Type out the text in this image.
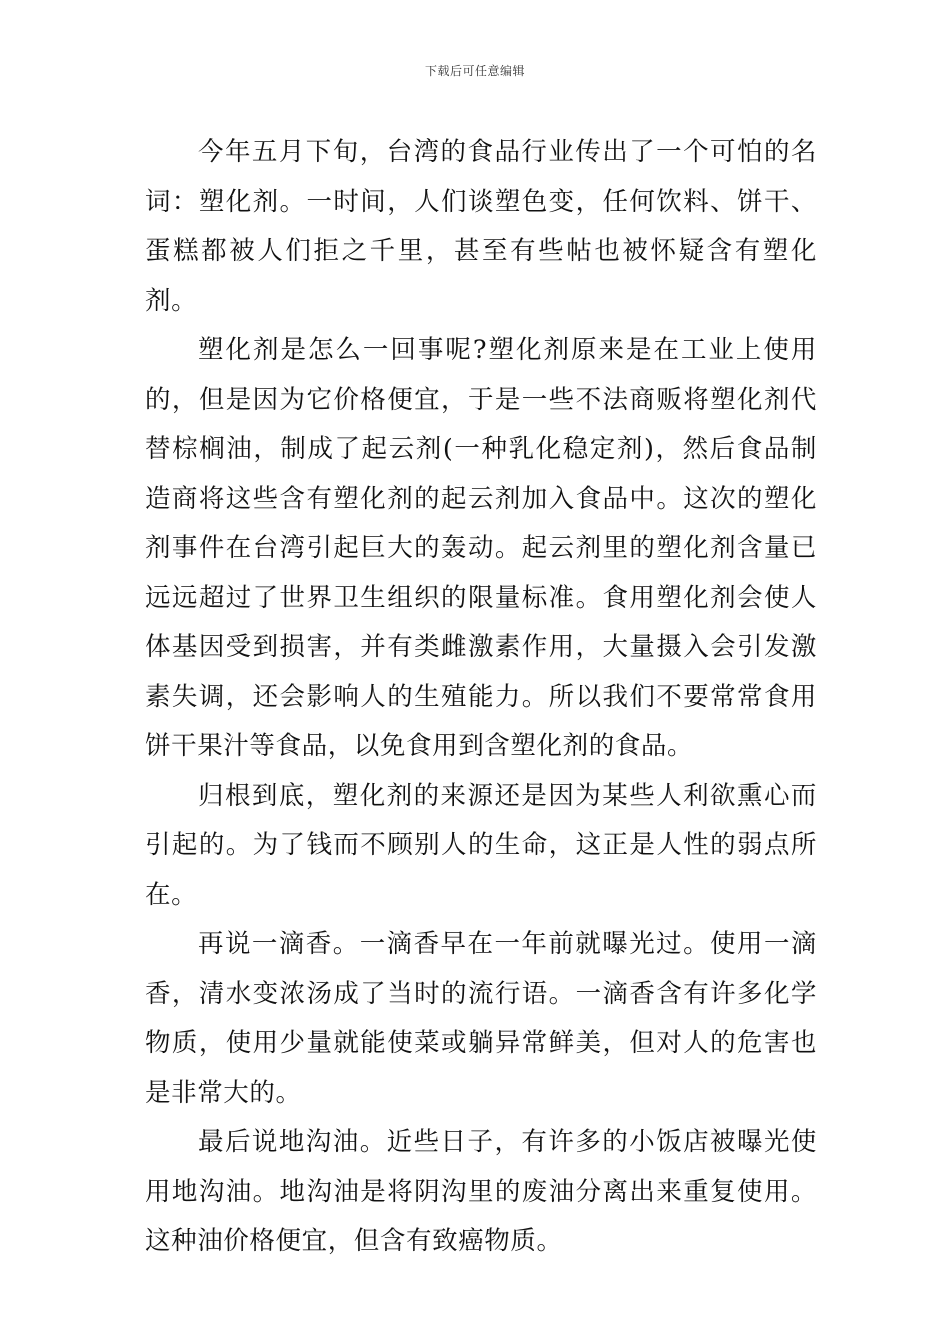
下载后可任意编辑

今年五月下旬，台湾的食品行业传出了一个可怕的名词：塑化剂。一时间，人们谈塑色变，任何饮料、饼干、蛋糕都被人们拒之千里，甚至有些帖也被怀疑含有塑化剂。

塑化剂是怎么一回事呢?塑化剂原来是在工业上使用的，但是因为它价格便宜，于是一些不法商贩将塑化剂代替棕榈油，制成了起云剂(一种乳化稳定剂)，然后食品制造商将这些含有塑化剂的起云剂加入食品中。这次的塑化剂事件在台湾引起巨大的轰动。起云剂里的塑化剂含量已远远超过了世界卫生组织的限量标准。食用塑化剂会使人体基因受到损害，并有类雌激素作用，大量摄入会引发激素失调，还会影响人的生殖能力。所以我们不要常常食用饼干果汁等食品，以免食用到含塑化剂的食品。

归根到底，塑化剂的来源还是因为某些人利欲熏心而引起的。为了钱而不顾别人的生命，这正是人性的弱点所在。

再说一滴香。一滴香早在一年前就曝光过。使用一滴香，清水变浓汤成了当时的流行语。一滴香含有许多化学物质，使用少量就能使菜或躺异常鲜美，但对人的危害也是非常大的。

最后说地沟油。近些日子，有许多的小饭店被曝光使用地沟油。地沟油是将阴沟里的废油分离出来重复使用。这种油价格便宜，但含有致癌物质。
